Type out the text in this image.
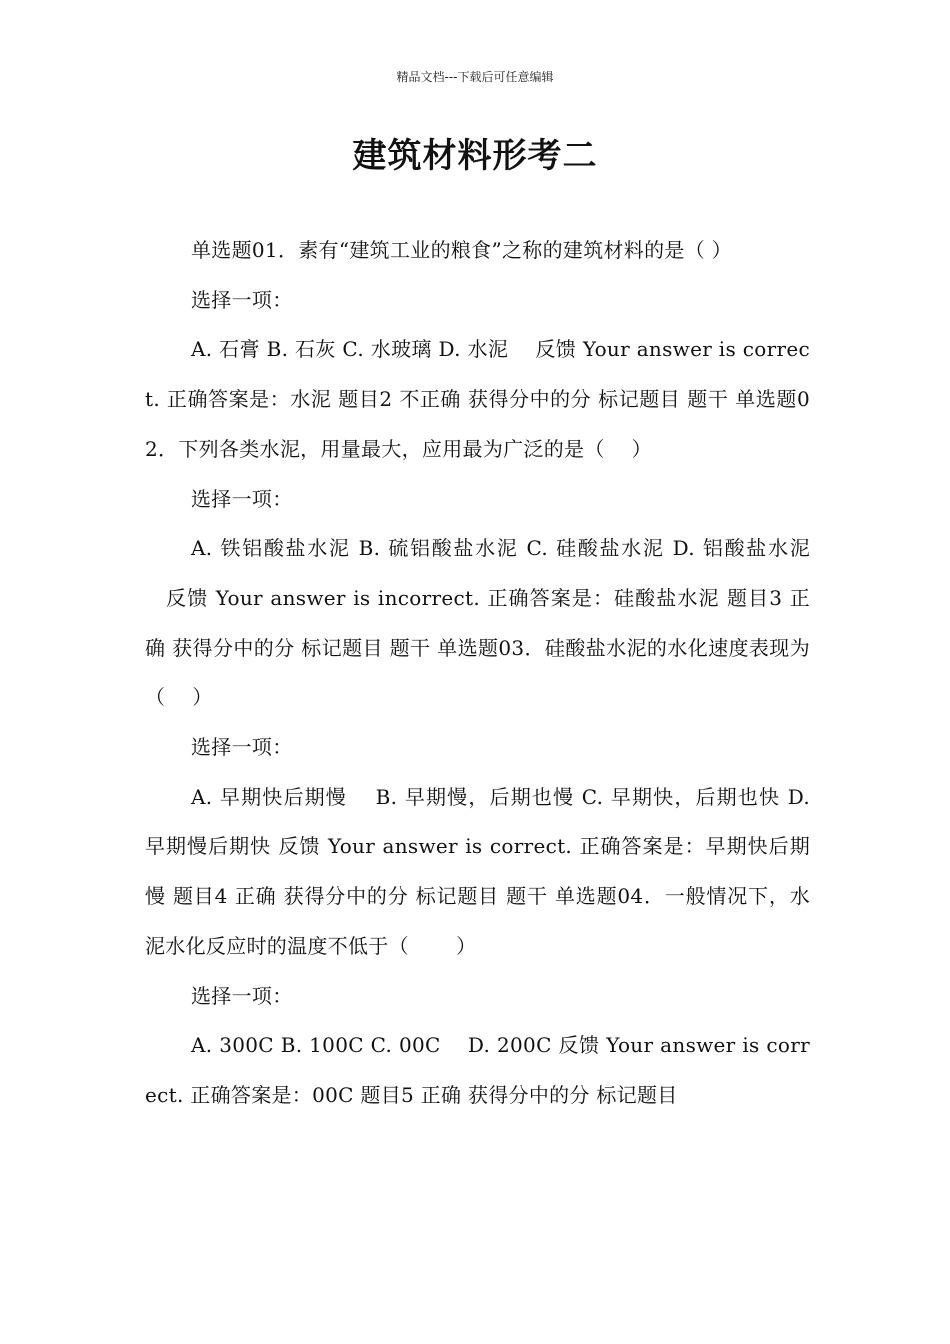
精品文档---下载后可任意编辑
建筑材料形考二

单选题01．素有“建筑工业的粮食”之称的建筑材料的是（ ）

选择一项：

A. 石膏 B. 石灰 C. 水玻璃 D. 水泥 　反馈 Your answer is correct. 正确答案是：水泥 题目2 不正确 获得分中的分 标记题目 题干 单选题02．下列各类水泥，用量最大，应用最为广泛的是（　 ）

选择一项：

A. 铁铝酸盐水泥 B. 硫铝酸盐水泥 C. 硅酸盐水泥 D. 铝酸盐水泥 　反馈 Your answer is incorrect. 正确答案是：硅酸盐水泥 题目3 正确 获得分中的分 标记题目 题干 单选题03．硅酸盐水泥的水化速度表现为（　 ）

选择一项：

A. 早期快后期慢 　B. 早期慢，后期也慢 C. 早期快，后期也快 D. 早期慢后期快 反馈 Your answer is correct. 正确答案是：早期快后期慢 题目4 正确 获得分中的分 标记题目 题干 单选题04．一般情况下，水泥水化反应时的温度不低于（　　 ）

选择一项：

A. 300C B. 100C C. 00C 　D. 200C 反馈 Your answer is correct. 正确答案是：00C 题目5 正确 获得分中的分 标记题目
